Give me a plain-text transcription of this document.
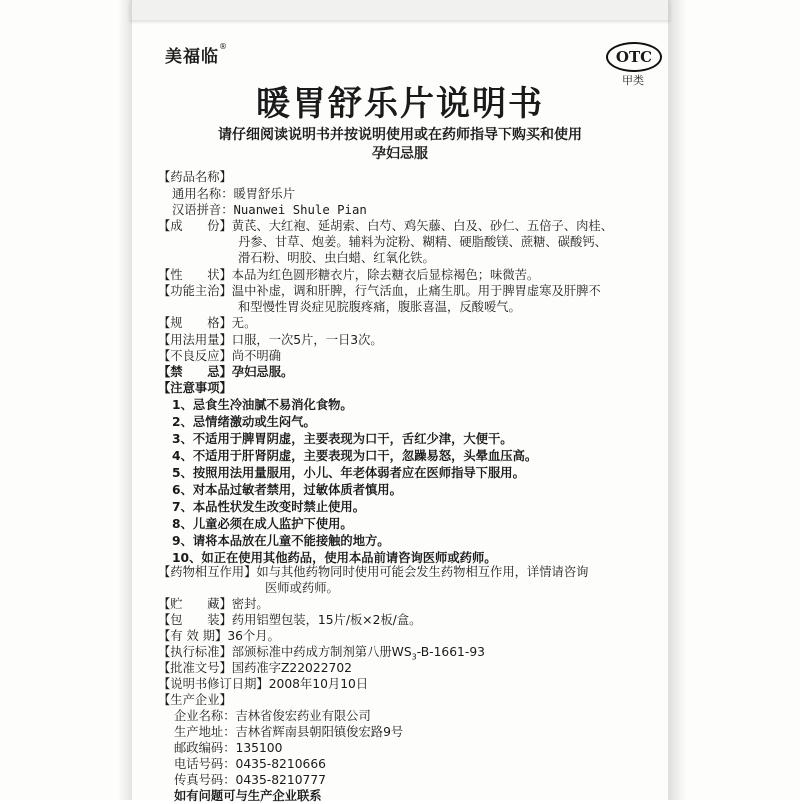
美福临®
OTC
甲类
暖胃舒乐片说明书
请仔细阅读说明书并按说明使用或在药师指导下购买和使用
孕妇忌服
【药品名称】
通用名称：暖胃舒乐片
汉语拼音：Nuanwei Shule Pian
【成　　份】黄芪、大红袍、延胡索、白芍、鸡矢藤、白及、砂仁、五倍子、肉桂、
丹参、甘草、炮姜。辅料为淀粉、糊精、硬脂酸镁、蔗糖、碳酸钙、
滑石粉、明胶、虫白蜡、红氧化铁。
【性　　状】本品为红色圆形糖衣片，除去糖衣后显棕褐色；味微苦。
【功能主治】温中补虚，调和肝脾，行气活血，止痛生肌。用于脾胃虚寒及肝脾不
和型慢性胃炎症见脘腹疼痛，腹胀喜温，反酸嗳气。
【规　　格】无。
【用法用量】口服，一次5片，一日3次。
【不良反应】尚不明确
【禁　　忌】孕妇忌服。
【注意事项】
1、忌食生冷油腻不易消化食物。
2、忌情绪激动或生闷气。
3、不适用于脾胃阴虚，主要表现为口干，舌红少津，大便干。
4、不适用于肝肾阴虚，主要表现为口干，忽躁易怒，头晕血压高。
5、按照用法用量服用，小儿、年老体弱者应在医师指导下服用。
6、对本品过敏者禁用，过敏体质者慎用。
7、本品性状发生改变时禁止使用。
8、儿童必须在成人监护下使用。
9、请将本品放在儿童不能接触的地方。
10、如正在使用其他药品，使用本品前请咨询医师或药师。
【药物相互作用】如与其他药物同时使用可能会发生药物相互作用，详情请咨询
医师或药师。
【贮　　藏】密封。
【包　　装】药用铝塑包装，15片/板×2板/盒。
【有 效 期】36个月。
【执行标准】部颁标准中药成方制剂第八册$WS_3-B-1661-93$
【批准文号】国药准字Z22022702
【说明书修订日期】2008年10月10日
【生产企业】
企业名称：吉林省俊宏药业有限公司
生产地址：吉林省辉南县朝阳镇俊宏路9号
邮政编码：135100
电话号码：0435-8210666
传真号码：0435-8210777
如有问题可与生产企业联系
